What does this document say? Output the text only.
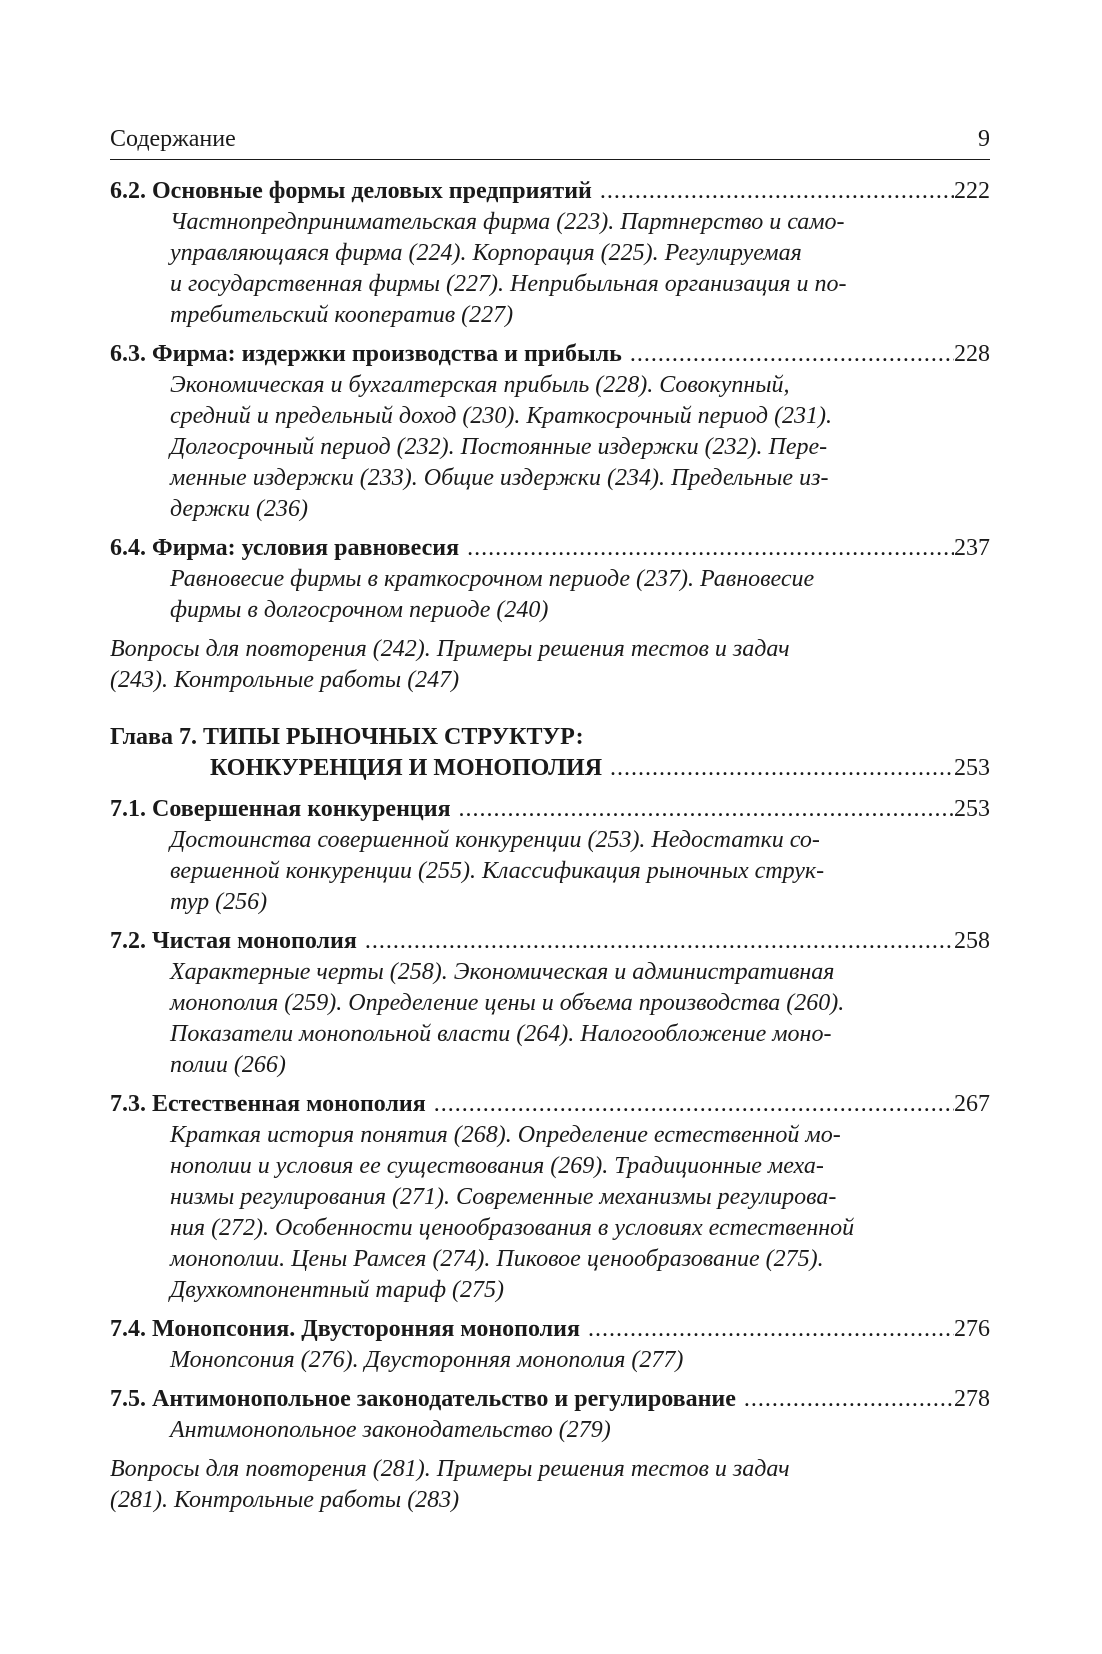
Содержание	9
6.2. Основные формы деловых предприятий .....	222
Частнопредпринимательская фирма (223). Партнерство и само-
управляющаяся фирма (224). Корпорация (225). Регулируемая
и государственная фирмы (227). Неприбыльная организация и по-
требительский кооператив (227)
6.3. Фирма: издержки производства и прибыль .....	228
Экономическая и бухгалтерская прибыль (228). Совокупный,
средний и предельный доход (230). Краткосрочный период (231).
Долгосрочный период (232). Постоянные издержки (232). Пере-
менные издержки (233). Общие издержки (234). Предельные из-
держки (236)
6.4. Фирма: условия равновесия .....	237
Равновесие фирмы в краткосрочном периоде (237). Равновесие
фирмы в долгосрочном периоде (240)
Вопросы для повторения (242). Примеры решения тестов и задач
(243). Контрольные работы (247)
Глава 7. ТИПЫ РЫНОЧНЫХ СТРУКТУР:
КОНКУРЕНЦИЯ И МОНОПОЛИЯ .....	253
7.1. Совершенная конкуренция .....	253
Достоинства совершенной конкуренции (253). Недостатки со-
вершенной конкуренции (255). Классификация рыночных струк-
тур (256)
7.2. Чистая монополия .....	258
Характерные черты (258). Экономическая и административная
монополия (259). Определение цены и объема производства (260).
Показатели монопольной власти (264). Налогообложение моно-
полии (266)
7.3. Естественная монополия .....	267
Краткая история понятия (268). Определение естественной мо-
нополии и условия ее существования (269). Традиционные меха-
низмы регулирования (271). Современные механизмы регулирова-
ния (272). Особенности ценообразования в условиях естественной
монополии. Цены Рамсея (274). Пиковое ценообразование (275).
Двухкомпонентный тариф (275)
7.4. Монопсония. Двусторонняя монополия .....	276
Монопсония (276). Двусторонняя монополия (277)
7.5. Антимонопольное законодательство и регулирование .....	278
Антимонопольное законодательство (279)
Вопросы для повторения (281). Примеры решения тестов и задач
(281). Контрольные работы (283)
